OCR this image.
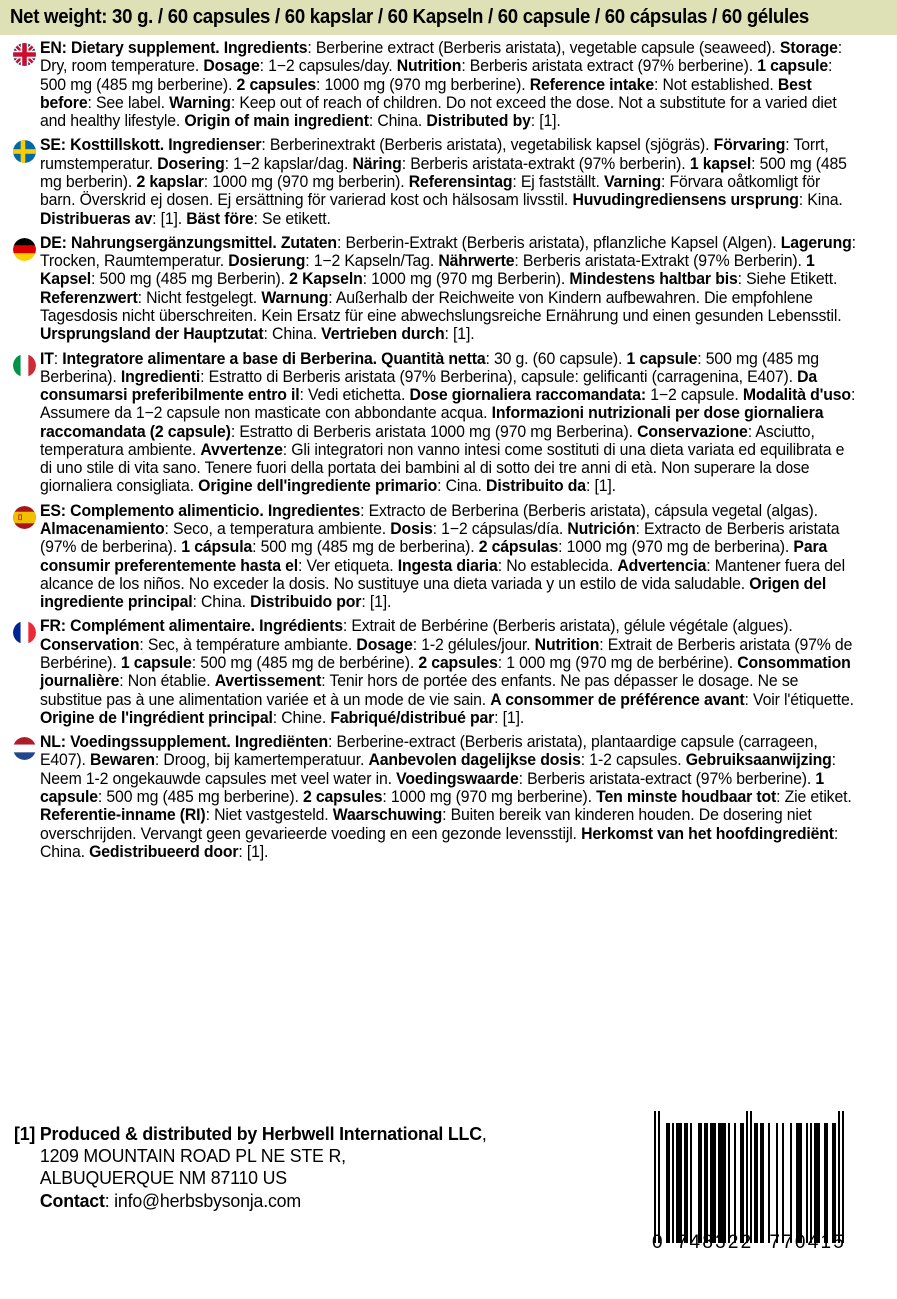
Net weight: 30 g. / 60 capsules / 60 kapslar / 60 Kapseln / 60 capsule / 60 cápsulas / 60 gélules
EN: Dietary supplement. Ingredients: Berberine extract (Berberis aristata), vegetable capsule (seaweed). Storage: Dry, room temperature. Dosage: 1−2 capsules/day. Nutrition: Berberis aristata extract (97% berberine). 1 capsule: 500 mg (485 mg berberine). 2 capsules: 1000 mg (970 mg berberine). Reference intake: Not established. Best before: See label. Warning: Keep out of reach of children. Do not exceed the dose. Not a substitute for a varied diet and healthy lifestyle. Origin of main ingredient: China. Distributed by: [1].
SE: Kosttillskott. Ingredienser: Berberinextrakt (Berberis aristata), vegetabilisk kapsel (sjögräs). Förvaring: Torrt, rumstemperatur. Dosering: 1−2 kapslar/dag. Näring: Berberis aristata-extrakt (97% berberin). 1 kapsel: 500 mg (485 mg berberin). 2 kapslar: 1000 mg (970 mg berberin). Referensintag: Ej fastställt. Varning: Förvara oåtkomligt för barn. Överskrid ej dosen. Ej ersättning för varierad kost och hälsosam livsstil. Huvudingrediensens ursprung: Kina. Distribueras av: [1]. Bäst före: Se etikett.
DE: Nahrungsergänzungsmittel. Zutaten: Berberin-Extrakt (Berberis aristata), pflanzliche Kapsel (Algen). Lagerung: Trocken, Raumtemperatur. Dosierung: 1−2 Kapseln/Tag. Nährwerte: Berberis aristata-Extrakt (97% Berberin). 1 Kapsel: 500 mg (485 mg Berberin). 2 Kapseln: 1000 mg (970 mg Berberin). Mindestens haltbar bis: Siehe Etikett. Referenzwert: Nicht festgelegt. Warnung: Außerhalb der Reichweite von Kindern aufbewahren. Die empfohlene Tagesdosis nicht überschreiten. Kein Ersatz für eine abwechslungsreiche Ernährung und einen gesunden Lebensstil. Ursprungsland der Hauptzutat: China. Vertrieben durch: [1].
IT: Integratore alimentare a base di Berberina. Quantità netta: 30 g. (60 capsule). 1 capsule: 500 mg (485 mg Berberina). Ingredienti: Estratto di Berberis aristata (97% Berberina), capsule: gelificanti (carragenina, E407). Da consumarsi preferibilmente entro il: Vedi etichetta. Dose giornaliera raccomandata: 1−2 capsule. Modalità d'uso: Assumere da 1−2 capsule non masticate con abbondante acqua. Informazioni nutrizionali per dose giornaliera raccomandata (2 capsule): Estratto di Berberis aristata 1000 mg (970 mg Berberina). Conservazione: Asciutto, temperatura ambiente. Avvertenze: Gli integratori non vanno intesi come sostituti di una dieta variata ed equilibrata e di uno stile di vita sano. Tenere fuori della portata dei bambini al di sotto dei tre anni di età. Non superare la dose giornaliera consigliata. Origine dell'ingrediente primario: Cina. Distribuito da: [1].
ES: Complemento alimenticio. Ingredientes: Extracto de Berberina (Berberis aristata), cápsula vegetal (algas). Almacenamiento: Seco, a temperatura ambiente. Dosis: 1−2 cápsulas/día. Nutrición: Extracto de Berberis aristata (97% de berberina). 1 cápsula: 500 mg (485 mg de berberina). 2 cápsulas: 1000 mg (970 mg de berberina). Para consumir preferentemente hasta el: Ver etiqueta. Ingesta diaria: No establecida. Advertencia: Mantener fuera del alcance de los niños. No exceder la dosis. No sustituye una dieta variada y un estilo de vida saludable. Origen del ingrediente principal: China. Distribuido por: [1].
FR: Complément alimentaire. Ingrédients: Extrait de Berbérine (Berberis aristata), gélule végétale (algues). Conservation: Sec, à température ambiante. Dosage: 1-2 gélules/jour. Nutrition: Extrait de Berberis aristata (97% de Berbérine). 1 capsule: 500 mg (485 mg de berbérine). 2 capsules: 1 000 mg (970 mg de berbérine). Consommation journalière: Non établie. Avertissement: Tenir hors de portée des enfants. Ne pas dépasser le dosage. Ne se substitue pas à une alimentation variée et à un mode de vie sain. A consommer de préférence avant: Voir l'étiquette. Origine de l'ingrédient principal: Chine. Fabriqué/distribué par: [1].
NL: Voedingssupplement. Ingrediënten: Berberine-extract (Berberis aristata), plantaardige capsule (carrageen, E407). Bewaren: Droog, bij kamertemperatuur. Aanbevolen dagelijkse dosis: 1-2 capsules. Gebruiksaanwijzing: Neem 1-2 ongekauwde capsules met veel water in. Voedingswaarde: Berberis aristata-extract (97% berberine). 1 capsule: 500 mg (485 mg berberine). 2 capsules: 1000 mg (970 mg berberine). Ten minste houdbaar tot: Zie etiket. Referentie-inname (RI): Niet vastgesteld. Waarschuwing: Buiten bereik van kinderen houden. De dosering niet overschrijden. Vervangt geen gevarieerde voeding en een gezonde levensstijl. Herkomst van het hoofdingrediënt: China. Gedistribueerd door: [1].
[1] Produced & distributed by Herbwell International LLC,
1209 MOUNTAIN ROAD PL NE STE R,
ALBUQUERQUE NM 87110 US
Contact: info@herbsbysonja.com
0 748322 770415
